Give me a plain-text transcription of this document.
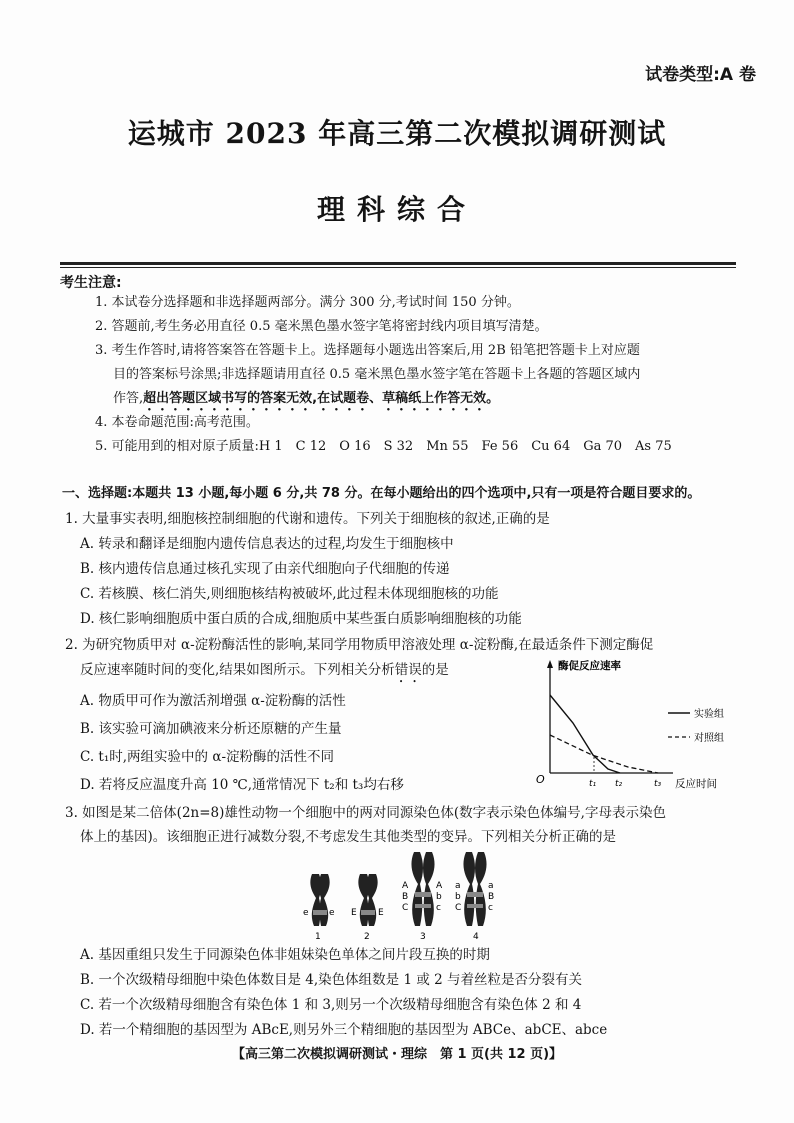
试卷类型:A 卷
运城市 2023 年高三第二次模拟调研测试
理科综合
考生注意:
1. 本试卷分选择题和非选择题两部分。满分 300 分,考试时间 150 分钟。
2. 答题前,考生务必用直径 0.5 毫米黑色墨水签字笔将密封线内项目填写清楚。
3. 考生作答时,请将答案答在答题卡上。选择题每小题选出答案后,用 2B 铅笔把答题卡上对应题
目的答案标号涂黑;非选择题请用直径 0.5 毫米黑色墨水签字笔在答题卡上各题的答题区域内
作答,超出答题区域书写的答案无效,在试题卷、草稿纸上作答无效。
4. 本卷命题范围:高考范围。
5. 可能用到的相对原子质量:H 1　C 12　O 16　S 32　Mn 55　Fe 56　Cu 64　Ga 70　As 75
一、选择题:本题共 13 小题,每小题 6 分,共 78 分。在每小题给出的四个选项中,只有一项是符合题目要求的。
1. 大量事实表明,细胞核控制细胞的代谢和遗传。下列关于细胞核的叙述,正确的是
A. 转录和翻译是细胞内遗传信息表达的过程,均发生于细胞核中
B. 核内遗传信息通过核孔实现了由亲代细胞向子代细胞的传递
C. 若核膜、核仁消失,则细胞核结构被破坏,此过程未体现细胞核的功能
D. 核仁影响细胞质中蛋白质的合成,细胞质中某些蛋白质影响细胞核的功能
2. 为研究物质甲对 α-淀粉酶活性的影响,某同学用物质甲溶液处理 α-淀粉酶,在最适条件下测定酶促
反应速率随时间的变化,结果如图所示。下列相关分析错误的是
A. 物质甲可作为激活剂增强 α-淀粉酶的活性
B. 该实验可滴加碘液来分析还原糖的产生量
C. t₁时,两组实验中的 α-淀粉酶的活性不同
D. 若将反应温度升高 10 ℃,通常情况下 t₂和 t₃均右移
酶促反应速率
O	反应时间
t₁ t₂	t₃
实验组
对照组
3. 如图是某二倍体(2n=8)雄性动物一个细胞中的两对同源染色体(数字表示染色体编号,字母表示染色
体上的基因)。该细胞正进行减数分裂,不考虑发生其他类型的变异。下列相关分析正确的是
e e
1
E E
2
A
B
C
A
b
c
3
a
b
C
a
B
c
4
A. 基因重组只发生于同源染色体非姐妹染色单体之间片段互换的时期
B. 一个次级精母细胞中染色体数目是 4,染色体组数是 1 或 2 与着丝粒是否分裂有关
C. 若一个次级精母细胞含有染色体 1 和 3,则另一个次级精母细胞含有染色体 2 和 4
D. 若一个精细胞的基因型为 ABcE,则另外三个精细胞的基因型为 ABCe、abCE、abce
【高三第二次模拟调研测试・理综　第 1 页(共 12 页)】
